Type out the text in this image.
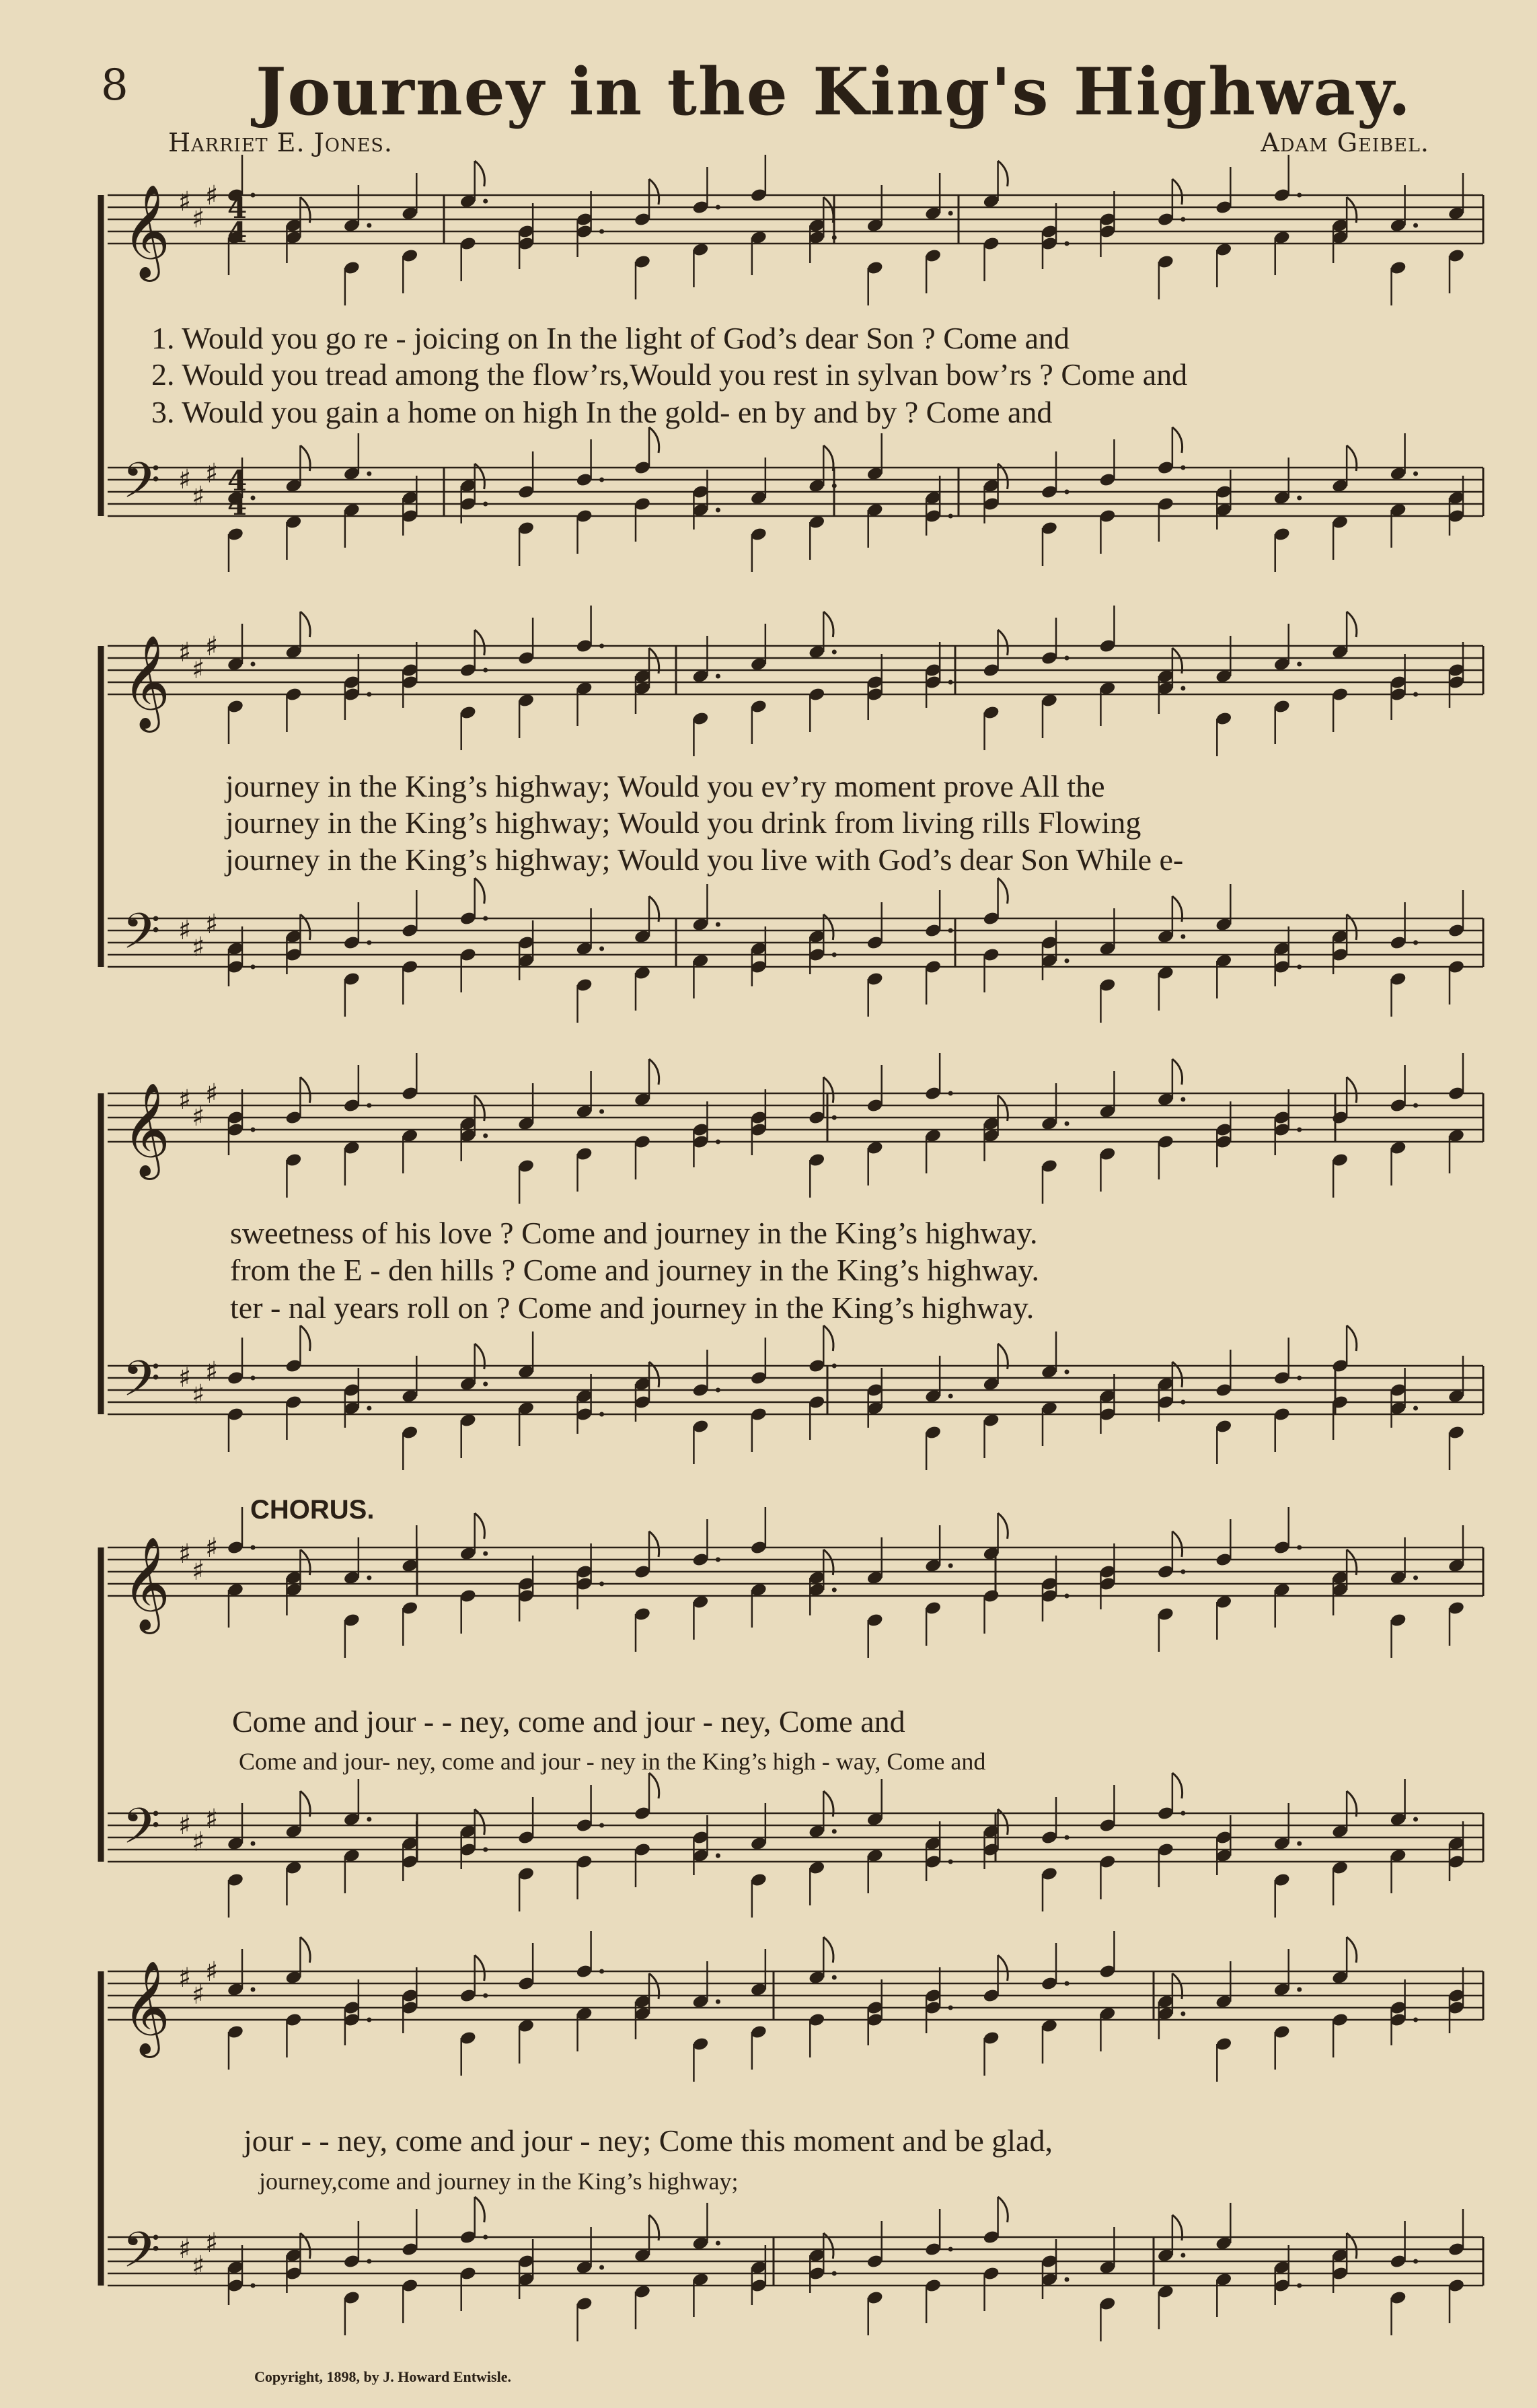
8 Journey in the King's Highway.
Harriet E. Jones.	Adam Geibel.
𝄞 ♯
♯
♯
𝄢 ♯
♯
♯
4
4
4
4
𝄞 ♯
♯
♯
𝄢 ♯
♯
♯
𝄞 ♯
♯
♯
𝄢 ♯
♯
♯
𝄞 ♯
♯
♯
𝄢 ♯
♯
♯
𝄞 ♯
♯
♯
𝄢 ♯
♯
♯
1. Would you go re - joicing on In the light of God’s dear Son ? Come and
2. Would you tread among the flow’rs,Would you rest in sylvan bow’rs ? Come and
3. Would you gain a home on high In the gold- en by and by ? Come and
journey in the King’s highway; Would you ev’ry moment prove All the
journey in the King’s highway; Would you drink from living rills Flowing
journey in the King’s highway; Would you live with God’s dear Son While e-
sweetness of his love ? Come and journey in the King’s highway.
from the E - den hills ? Come and journey in the King’s highway.
ter - nal years roll on ? Come and journey in the King’s highway.
CHORUS.
Come and jour - - ney, come and jour - ney, Come and
Come and jour- ney, come and jour - ney in the King’s high - way, Come and
jour - - ney, come and jour - ney; Come this moment and be glad,
journey,come and journey in the King’s highway;
Copyright, 1898, by J. Howard Entwisle.
